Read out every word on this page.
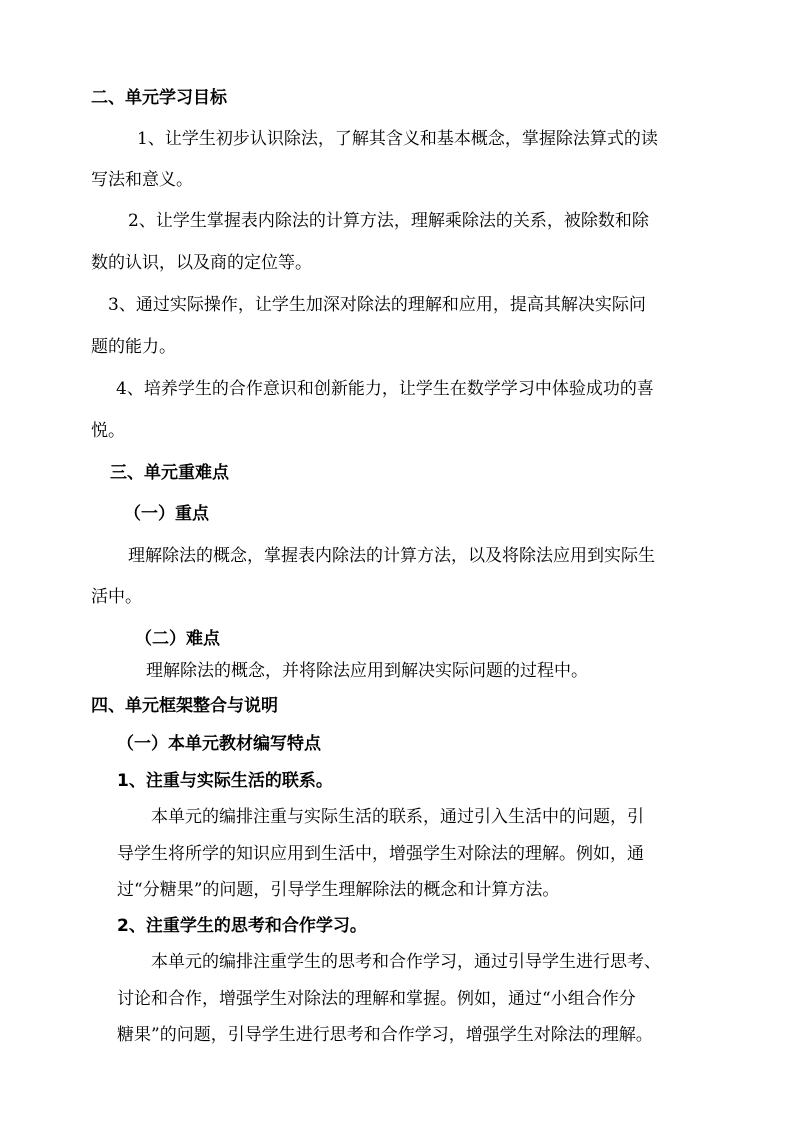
二、单元学习目标
1、让学生初步认识除法，了解其含义和基本概念，掌握除法算式的读
写法和意义。
2、让学生掌握表内除法的计算方法，理解乘除法的关系，被除数和除
数的认识，以及商的定位等。
3、通过实际操作，让学生加深对除法的理解和应用，提高其解决实际问
题的能力。
4、培养学生的合作意识和创新能力，让学生在数学学习中体验成功的喜
悦。
三、单元重难点
（一）重点
理解除法的概念，掌握表内除法的计算方法，以及将除法应用到实际生
活中。
（二）难点
理解除法的概念，并将除法应用到解决实际问题的过程中。
四、单元框架整合与说明
（一）本单元教材编写特点
1、注重与实际生活的联系。
本单元的编排注重与实际生活的联系，通过引入生活中的问题，引
导学生将所学的知识应用到生活中，增强学生对除法的理解。例如，通
过“分糖果”的问题，引导学生理解除法的概念和计算方法。
2、注重学生的思考和合作学习。
本单元的编排注重学生的思考和合作学习，通过引导学生进行思考、
讨论和合作，增强学生对除法的理解和掌握。例如，通过“小组合作分
糖果”的问题，引导学生进行思考和合作学习，增强学生对除法的理解。
